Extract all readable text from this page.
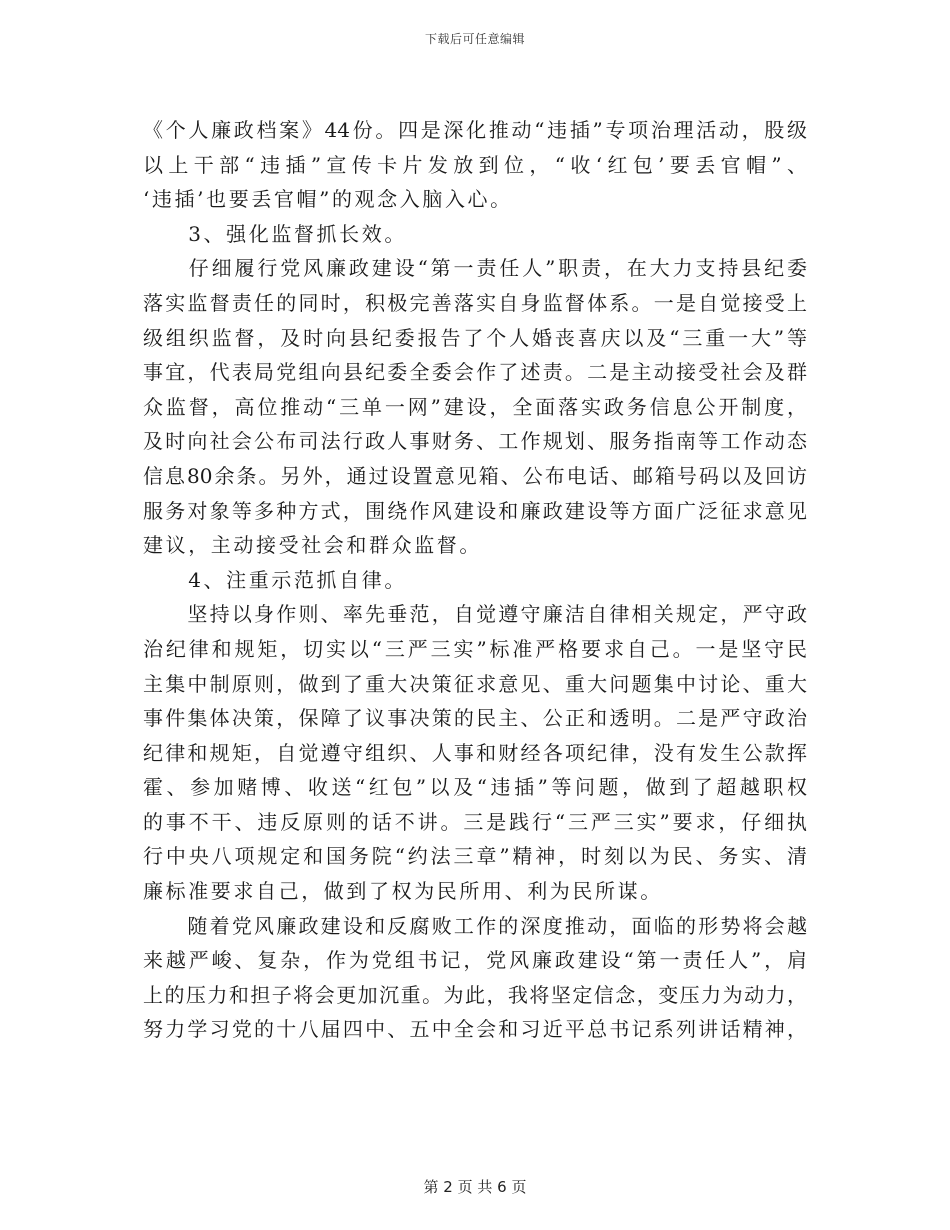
下载后可任意编辑
《个人廉政档案》44份。四是深化推动“违插”专项治理活动，股级
以上干部“违插”宣传卡片发放到位，“收‘红包’要丢官帽”、
‘违插’也要丢官帽”的观念入脑入心。
　　3、强化监督抓长效。
　　仔细履行党风廉政建设“第一责任人”职责，在大力支持县纪委
落实监督责任的同时，积极完善落实自身监督体系。一是自觉接受上
级组织监督，及时向县纪委报告了个人婚丧喜庆以及“三重一大”等
事宜，代表局党组向县纪委全委会作了述责。二是主动接受社会及群
众监督，高位推动“三单一网”建设，全面落实政务信息公开制度，
及时向社会公布司法行政人事财务、工作规划、服务指南等工作动态
信息80余条。另外，通过设置意见箱、公布电话、邮箱号码以及回访
服务对象等多种方式，围绕作风建设和廉政建设等方面广泛征求意见
建议，主动接受社会和群众监督。
　　4、注重示范抓自律。
　　坚持以身作则、率先垂范，自觉遵守廉洁自律相关规定，严守政
治纪律和规矩，切实以“三严三实”标准严格要求自己。一是坚守民
主集中制原则，做到了重大决策征求意见、重大问题集中讨论、重大
事件集体决策，保障了议事决策的民主、公正和透明。二是严守政治
纪律和规矩，自觉遵守组织、人事和财经各项纪律，没有发生公款挥
霍、参加赌博、收送“红包”以及“违插”等问题，做到了超越职权
的事不干、违反原则的话不讲。三是践行“三严三实”要求，仔细执
行中央八项规定和国务院“约法三章”精神，时刻以为民、务实、清
廉标准要求自己，做到了权为民所用、利为民所谋。
　　随着党风廉政建设和反腐败工作的深度推动，面临的形势将会越
来越严峻、复杂，作为党组书记，党风廉政建设“第一责任人”，肩
上的压力和担子将会更加沉重。为此，我将坚定信念，变压力为动力，
努力学习党的十八届四中、五中全会和习近平总书记系列讲话精神，
第 2 页 共 6 页
